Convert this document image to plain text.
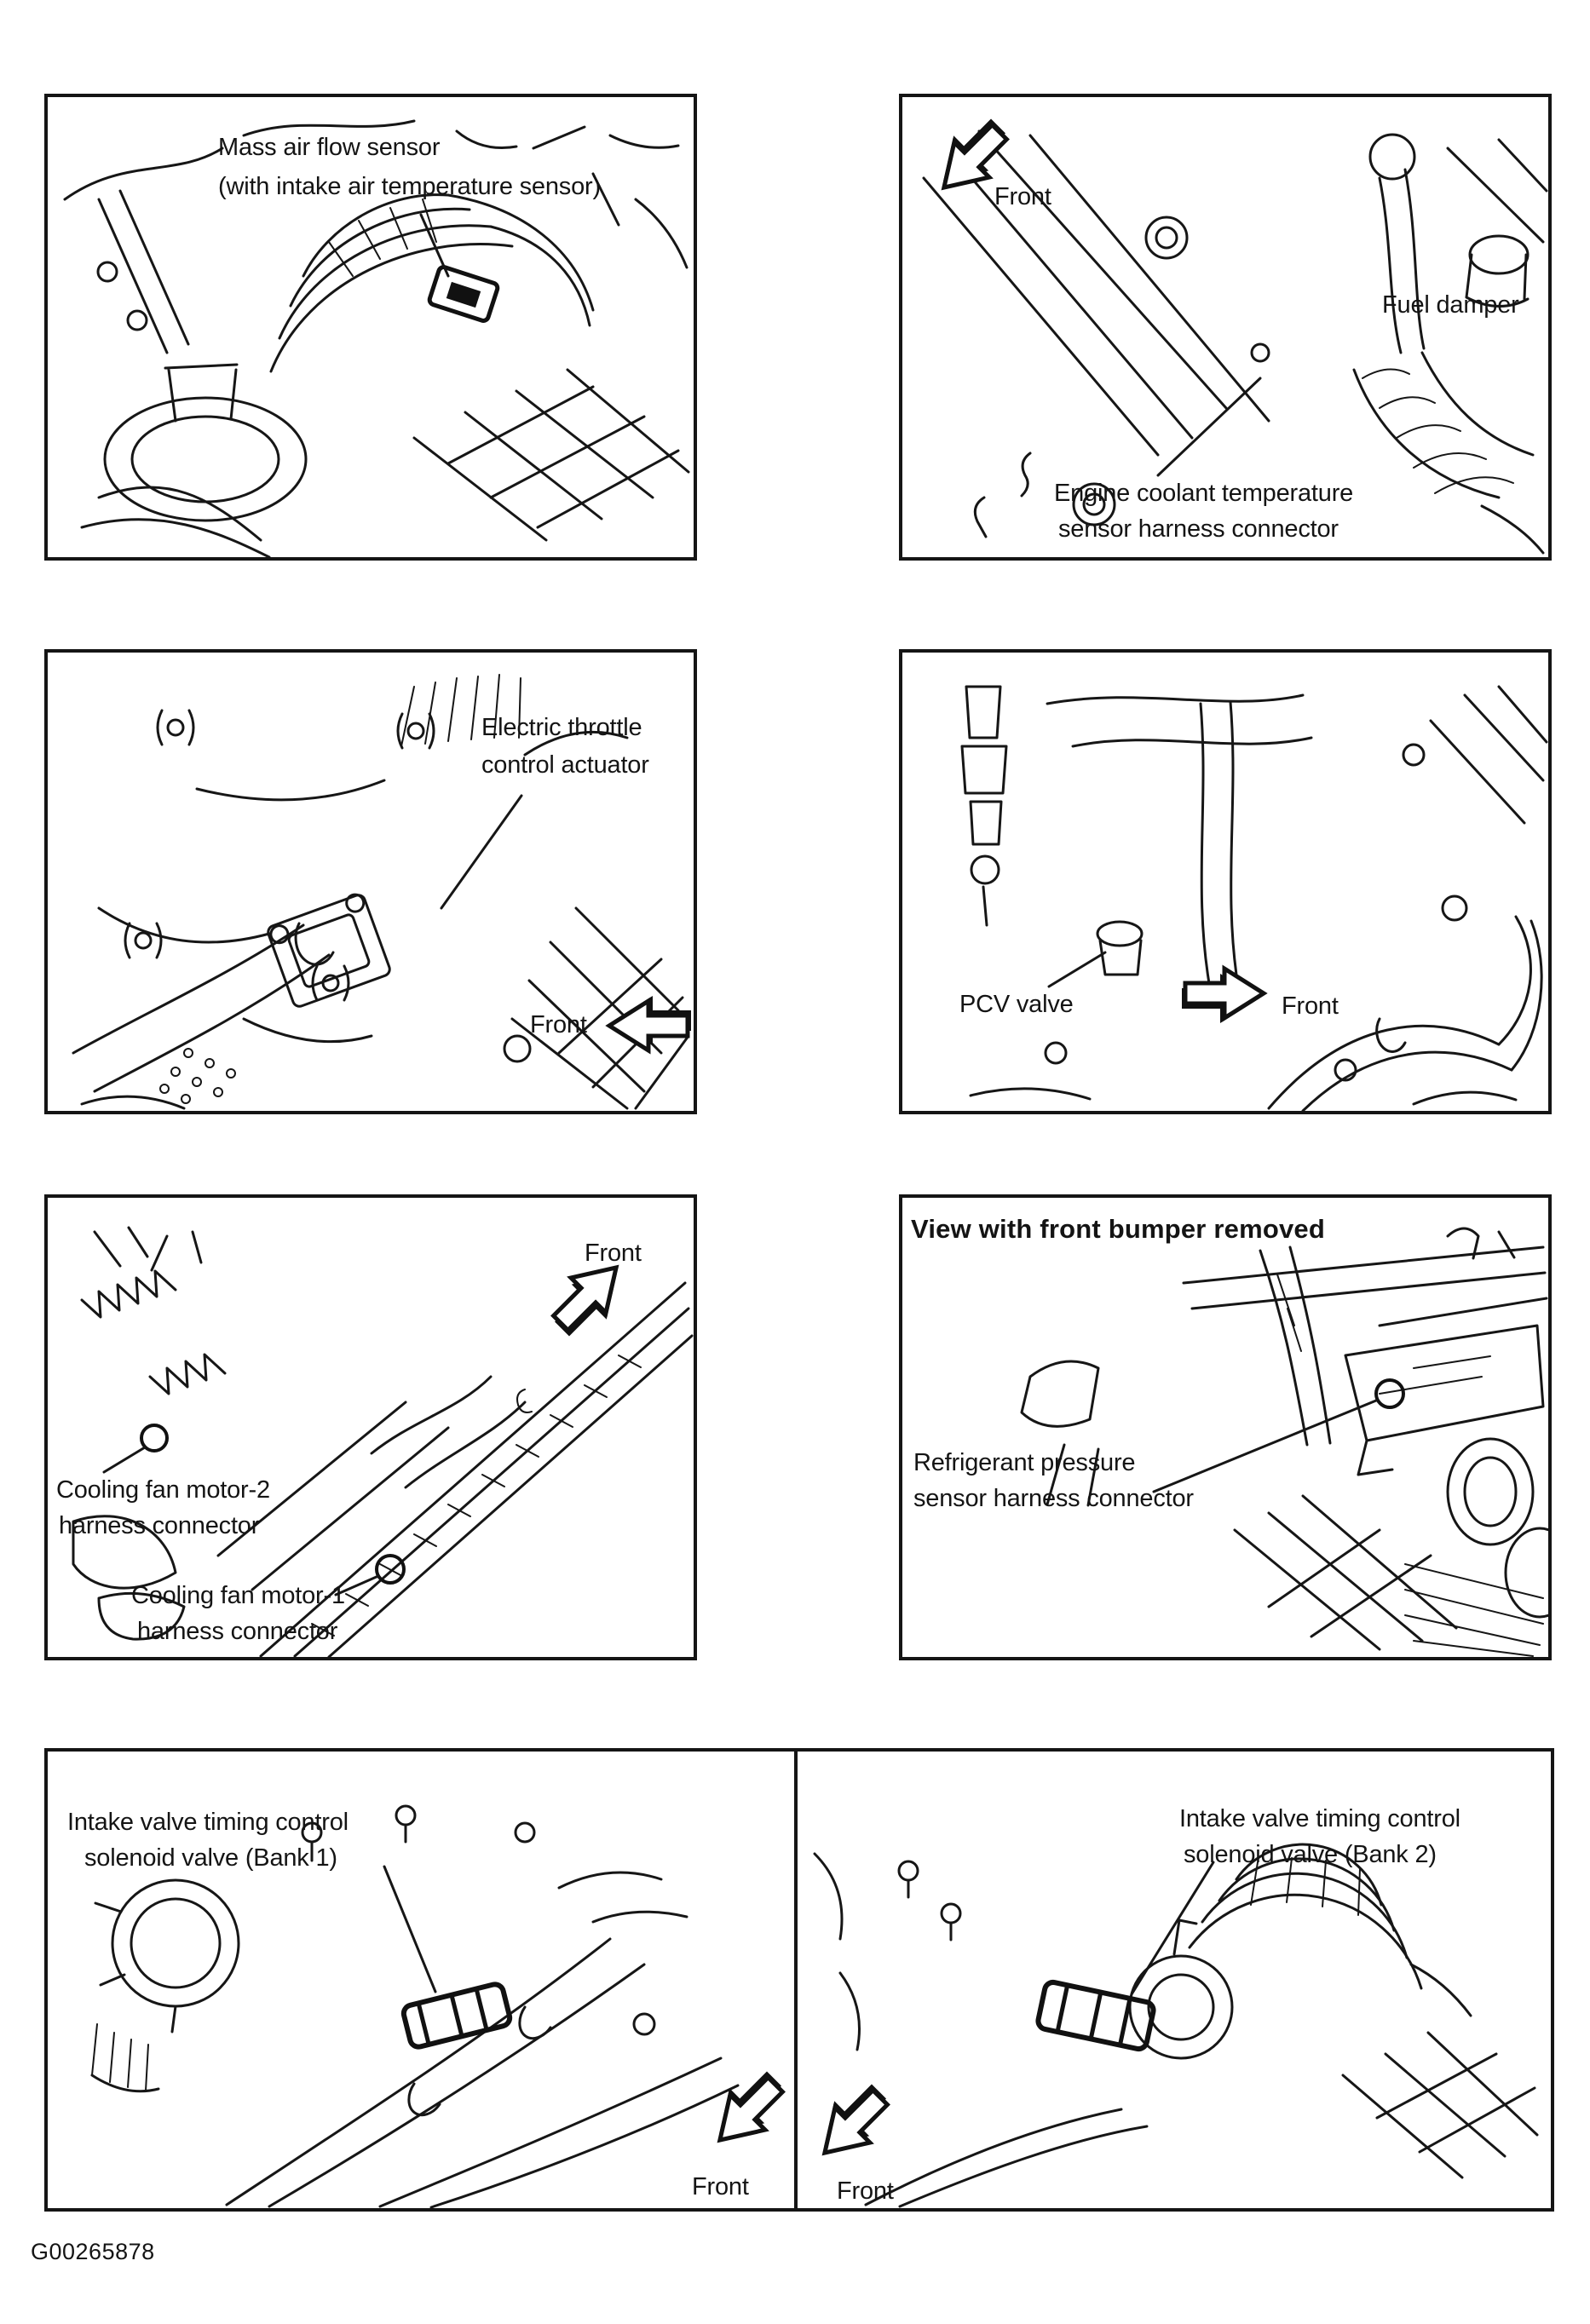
Mass air flow sensor
(with intake air temperature sensor)	Front
Fuel damper
Engine coolant temperature
sensor harness connector
Electric throttle
control actuator
Front
PCV valve	Front
Front
Cooling fan motor-2
harness connector
Cooling fan motor-1
harness connector
View with front bumper removed
Refrigerant pressure
sensor harness connector
Intake valve timing control
solenoid valve (Bank 1)
Front
Intake valve timing control
solenoid valve (Bank 2)
Front
G00265878
